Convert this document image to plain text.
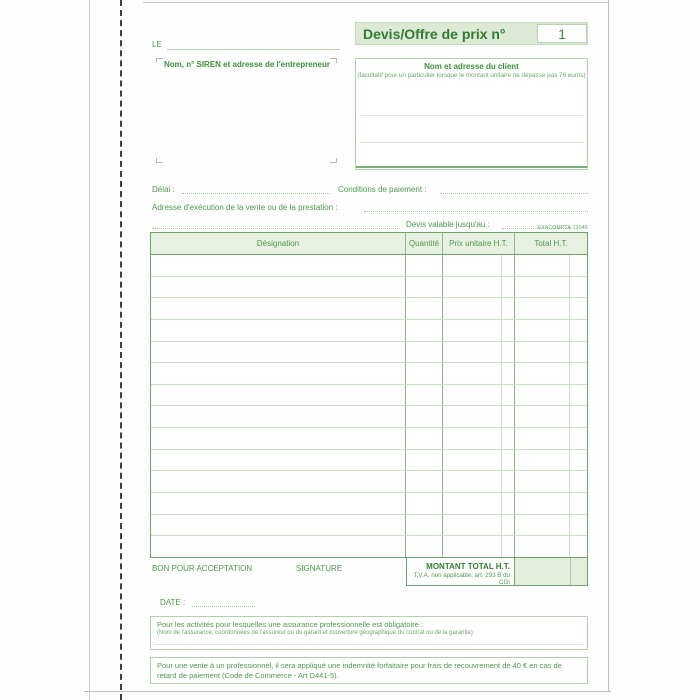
Devis/Offre de prix n°	1
LE
Nom, n° SIREN et adresse de l'entrepreneur	Nom et adresse du client
(facultatif pour un particulier lorsque le montant unitaire ne dépasse pas 76 euros)
Délai :	Conditions de paiement :
Adresse d'exécution de la vente ou de la prestation :
Devis valable jusqu'au :	EXACOMPTA 13046
Désignation	Quantité	Prix unitaire H.T.	Total H.T.
BON POUR ACCEPTATION	SIGNATURE	MONTANT TOTAL H.T.
T.V.A. non applicable, art. 293 B du CGI
DATE :
Pour les activités pour lesquelles une assurance professionnelle est obligatoire :
(Nom de l'assurance, coordonnées de l'assureur ou du garant et couverture géographique du contrat ou de la garantie)
Pour une vente à un professionnel, il sera appliqué une indemnité forfaitaire pour frais de recouvrement de 40 € en cas de retard de paiement (Code de Commerce - Art D441-5).
